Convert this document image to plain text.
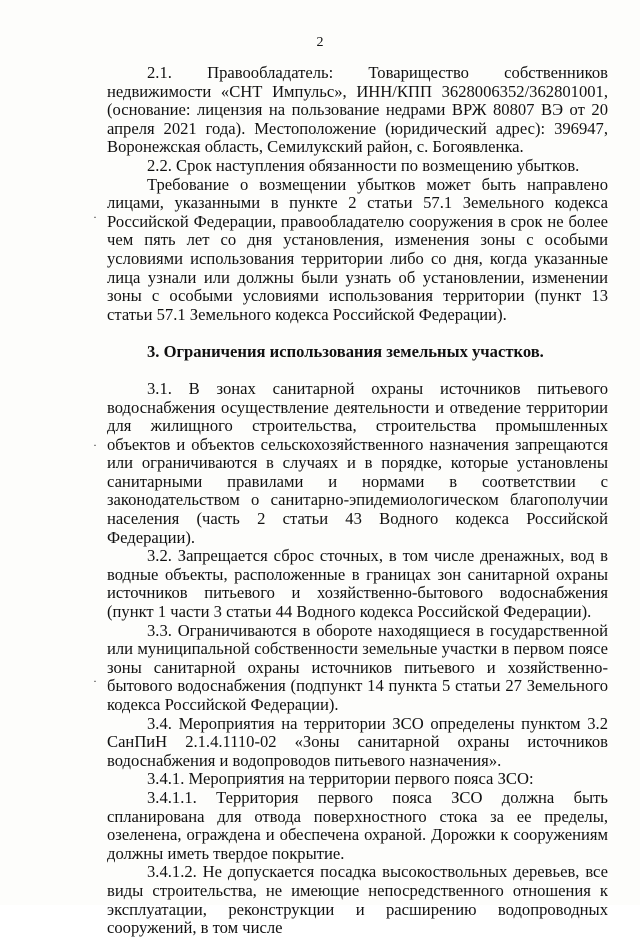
2
·
·
·

2.1. Правообладатель: Товарищество собственников недвижимости «СНТ Импульс», ИНН/КПП 3628006352/362801001, (основание: лицензия на пользование недрами ВРЖ 80807 ВЭ от 20 апреля 2021 года). Местоположение (юридический адрес): 396947, Воронежская область, Семилукский район, с. Богоявленка.

2.2. Срок наступления обязанности по возмещению убытков.

Требование о возмещении убытков может быть направлено лицами, указанными в пункте 2 статьи 57.1 Земельного кодекса Российской Федерации, правообладателю сооружения в срок не более чем пять лет со дня установления, изменения зоны с особыми условиями использования территории либо со дня, когда указанные лица узнали или должны были узнать об установлении, изменении зоны с особыми условиями использования территории (пункт 13 статьи 57.1 Земельного кодекса Российской Федерации).

3. Ограничения использования земельных участков.

3.1. В зонах санитарной охраны источников питьевого водоснабжения осуществление деятельности и отведение территории для жилищного строительства, строительства промышленных объектов и объектов сельскохозяйственного назначения запрещаются или ограничиваются в случаях и в порядке, которые установлены санитарными правилами и нормами в соответствии с законодательством о санитарно-эпидемиологическом благополучии населения (часть 2 статьи 43 Водного кодекса Российской Федерации).

3.2. Запрещается сброс сточных, в том числе дренажных, вод в водные объекты, расположенные в границах зон санитарной охраны источников питьевого и хозяйственно-бытового водоснабжения (пункт 1 части 3 статьи 44 Водного кодекса Российской Федерации).

3.3. Ограничиваются в обороте находящиеся в государственной или муниципальной собственности земельные участки в первом поясе зоны санитарной охраны источников питьевого и хозяйственно-бытового водоснабжения (подпункт 14 пункта 5 статьи 27 Земельного кодекса Российской Федерации).

3.4. Мероприятия на территории ЗСО определены пунктом 3.2 СанПиН 2.1.4.1110-02 «Зоны санитарной охраны источников водоснабжения и водопроводов питьевого назначения».

3.4.1. Мероприятия на территории первого пояса ЗСО:

3.4.1.1. Территория первого пояса ЗСО должна быть спланирована для отвода поверхностного стока за ее пределы, озеленена, ограждена и обеспечена охраной. Дорожки к сооружениям должны иметь твердое покрытие.

3.4.1.2. Не допускается посадка высокоствольных деревьев, все виды строительства, не имеющие непосредственного отношения к эксплуатации, реконструкции и расширению водопроводных сооружений, в том числе
